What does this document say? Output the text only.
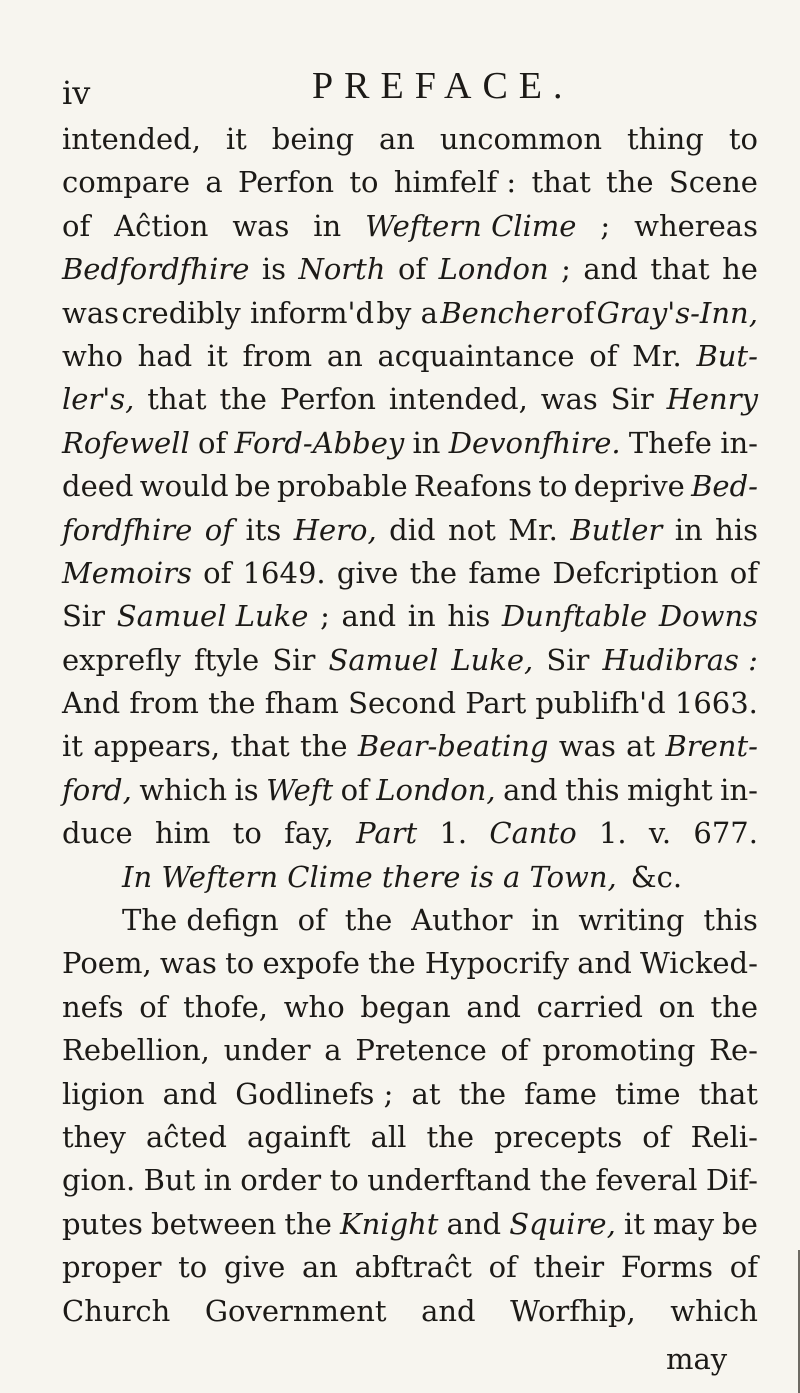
iv	PREFACE.
intended, it being an uncommon thing to
compare a Perfon to himfelf : that the Scene
of Aĉtion was in Weftern Clime ; whereas
Bedfordfhire is North of London ; and that he
was credibly inform'd by a Bencher of Gray's-Inn,
who had it from an acquaintance of Mr. But-
ler's, that the Perfon intended, was Sir Henry
Rofewell of Ford-Abbey in Devonfhire. Thefe in-
deed would be probable Reafons to deprive Bed-
fordfhire of its Hero, did not Mr. Butler in his
Memoirs of 1649. give the fame Defcription of
Sir Samuel Luke ; and in his Dunftable Downs
exprefly ftyle Sir Samuel Luke, Sir Hudibras :
And from the fham Second Part publifh'd 1663.
it appears, that the Bear-beating was at Brent-
ford, which is Weft of London, and this might in-
duce him to fay, Part 1. Canto 1. v. 677.
In Weftern Clime there is a Town, &c.
The defign of the Author in writing this
Poem, was to expofe the Hypocrify and Wicked-
nefs of thofe, who began and carried on the
Rebellion, under a Pretence of promoting Re-
ligion and Godlinefs ; at the fame time that
they aĉted againft all the precepts of Reli-
gion. But in order to underftand the feveral Dif-
putes between the Knight and Squire, it may be
proper to give an abftraĉt of their Forms of
Church Government and Worfhip, which
may
